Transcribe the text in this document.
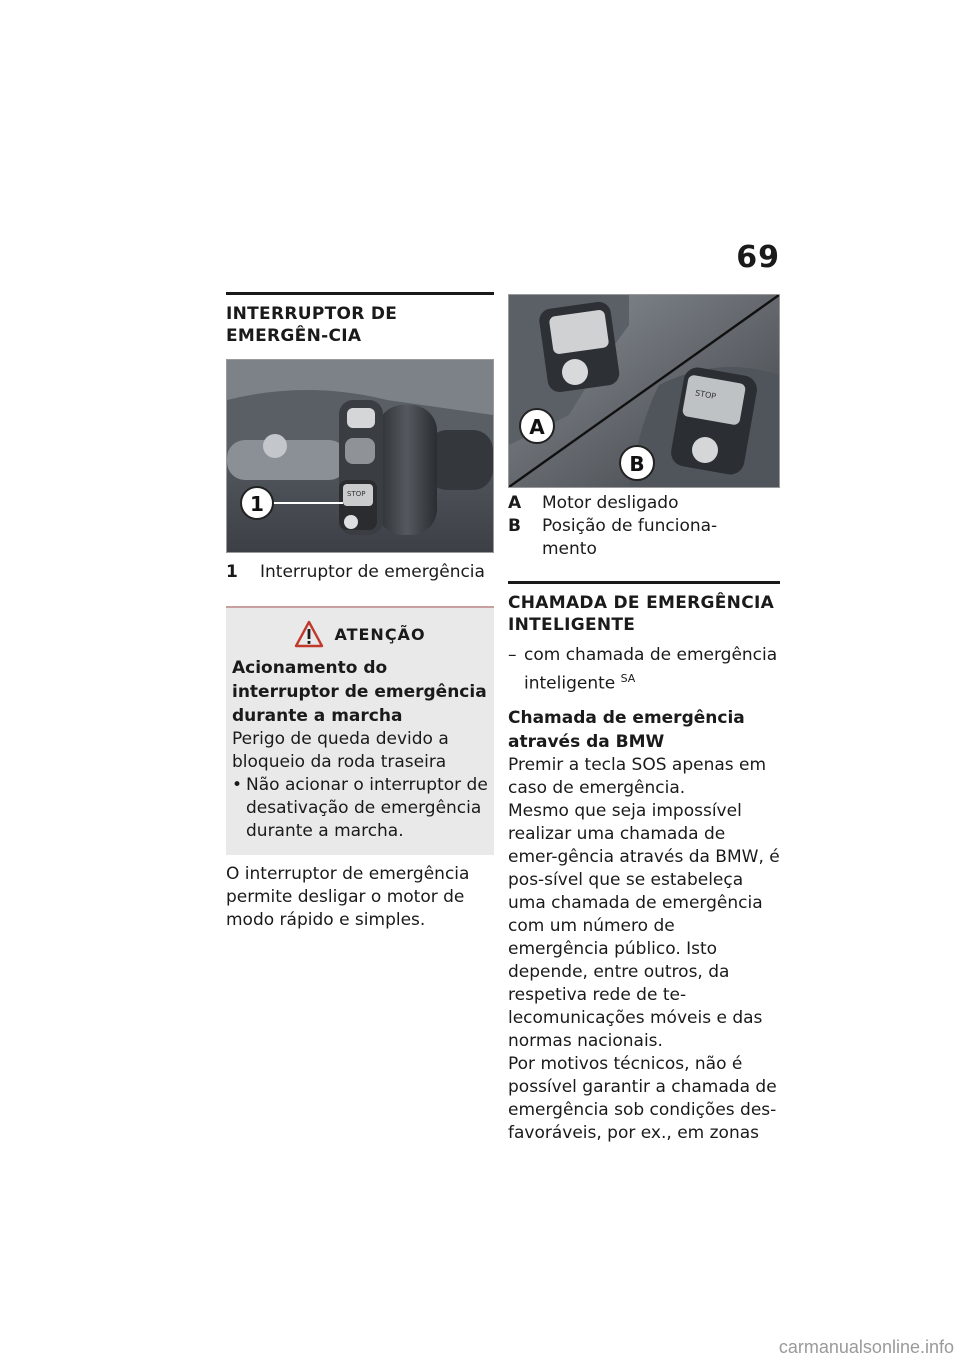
69
INTERRUPTOR DE EMERGÊN-CIA
STOP
1
1	Interruptor de emergência
ATENÇÃO
Acionamento do interruptor de emergência durante a marcha
Perigo de queda devido a bloqueio da roda traseira
• Não acionar o interruptor de desativação de emergência durante a marcha.
O interruptor de emergência permite desligar o motor de modo rápido e simples.
STOP
A
B
A	Motor desligado
B	Posição de funciona-mento
CHAMADA DE EMERGÊNCIA INTELIGENTE
– com chamada de emergência inteligente $^{SA}$
Chamada de emergência através da BMW
Premir a tecla SOS apenas em caso de emergência.
Mesmo que seja impossível realizar uma chamada de emer-gência através da BMW, é pos-sível que se estabeleça uma chamada de emergência com um número de emergência público. Isto depende, entre outros, da respetiva rede de te-lecomunicações móveis e das normas nacionais.
Por motivos técnicos, não é possível garantir a chamada de emergência sob condições des-favoráveis, por ex., em zonas
carmanualsonline.info
